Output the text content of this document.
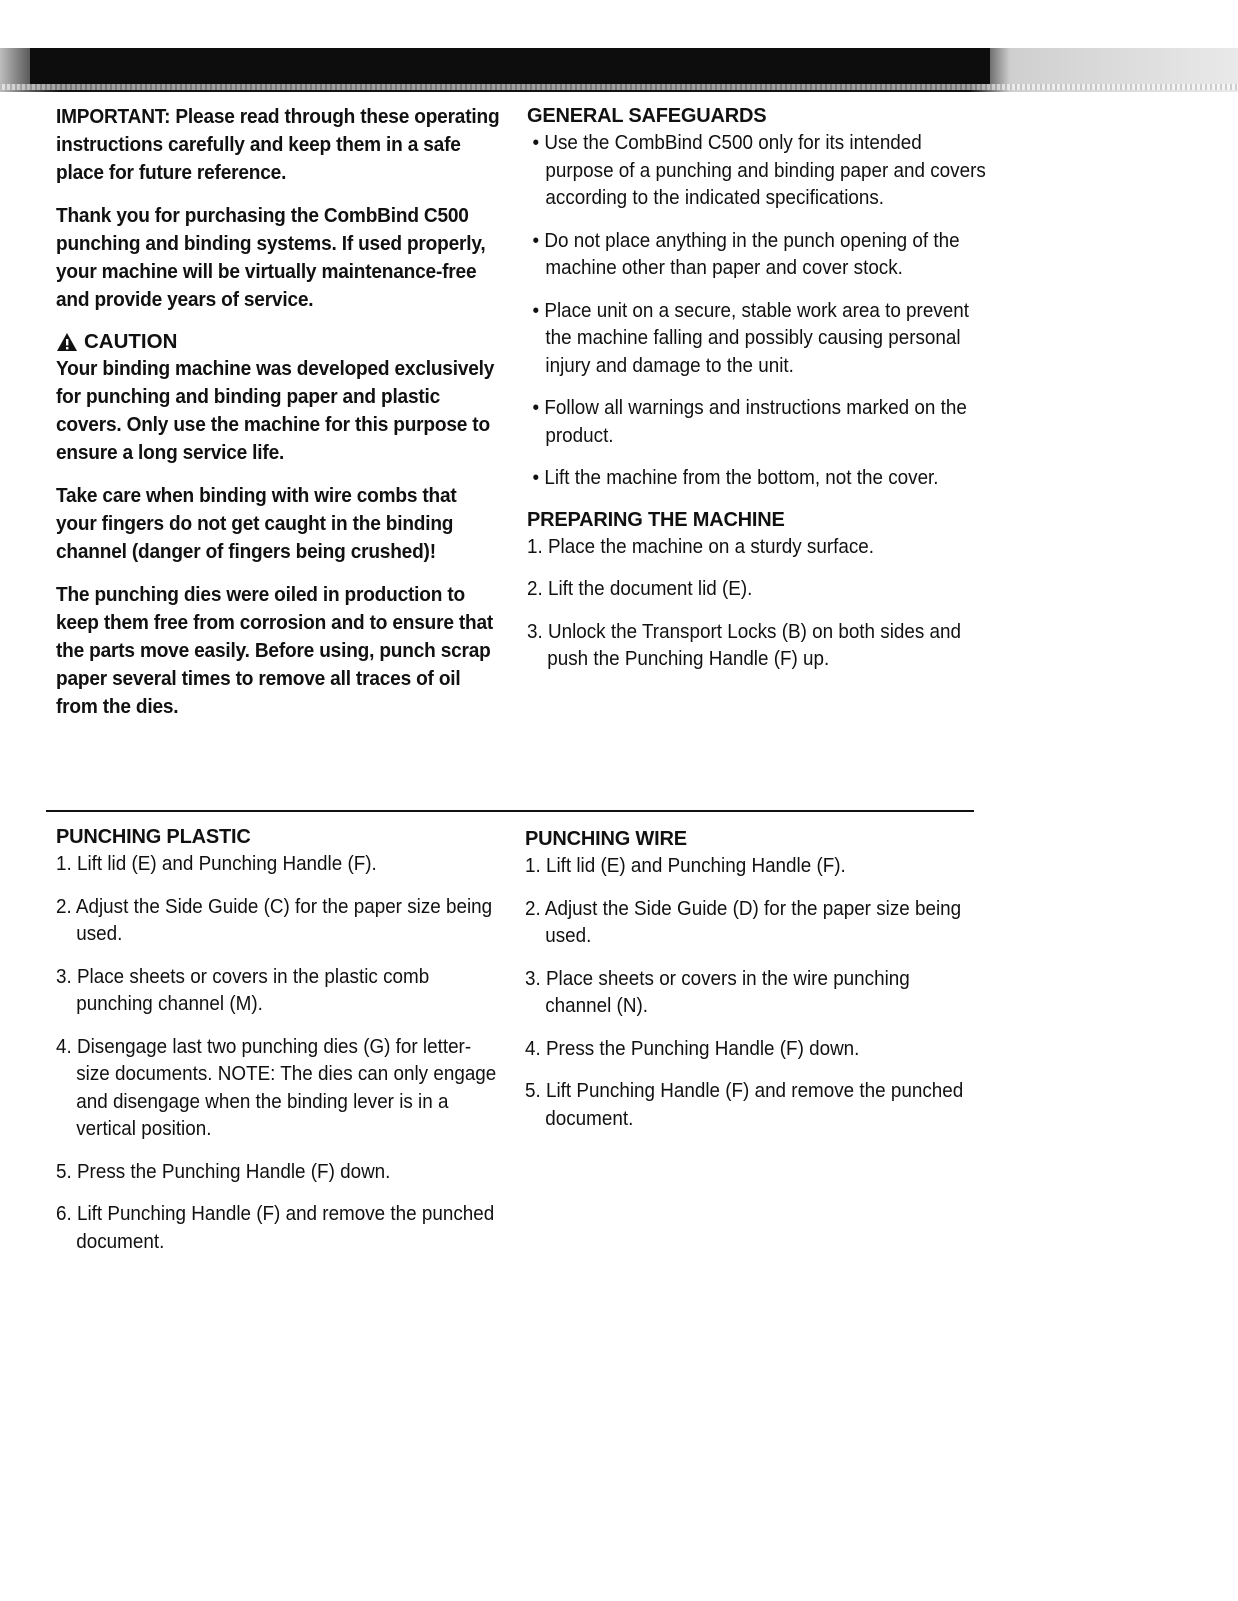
IMPORTANT: Please read through these operating instructions carefully and keep them in a safe place for future reference.

Thank you for purchasing the CombBind C500 punching and binding systems. If used properly, your machine will be virtually maintenance-free and provide years of service.

CAUTION

Your binding machine was developed exclusively for punching and binding paper and plastic covers. Only use the machine for this purpose to ensure a long service life.

Take care when binding with wire combs that your fingers do not get caught in the binding channel (danger of fingers being crushed)!

The punching dies were oiled in production to keep them free from corrosion and to ensure that the parts move easily. Before using, punch scrap paper several times to remove all traces of oil from the dies.

GENERAL SAFEGUARDS

• Use the CombBind C500 only for its intended purpose of a punching and binding paper and covers according to the indicated specifications.

• Do not place anything in the punch opening of the machine other than paper and cover stock.

• Place unit on a secure, stable work area to prevent the machine falling and possibly causing personal injury and damage to the unit.

• Follow all warnings and instructions marked on the product.

• Lift the machine from the bottom, not the cover.

PREPARING THE MACHINE

1. Place the machine on a sturdy surface.

2. Lift the document lid (E).

3. Unlock the Transport Locks (B) on both sides and push the Punching Handle (F) up.

PUNCHING PLASTIC

1. Lift lid (E) and Punching Handle (F).

2. Adjust the Side Guide (C) for the paper size being used.

3. Place sheets or covers in the plastic comb punching channel (M).

4. Disengage last two punching dies (G) for letter-size documents. NOTE: The dies can only engage and disengage when the binding lever is in a vertical position.

5. Press the Punching Handle (F) down.

6. Lift Punching Handle (F) and remove the punched document.

PUNCHING WIRE

1. Lift lid (E) and Punching Handle (F).

2. Adjust the Side Guide (D) for the paper size being used.

3. Place sheets or covers in the wire punching channel (N).

4. Press the Punching Handle (F) down.

5. Lift Punching Handle (F) and remove the punched document.
